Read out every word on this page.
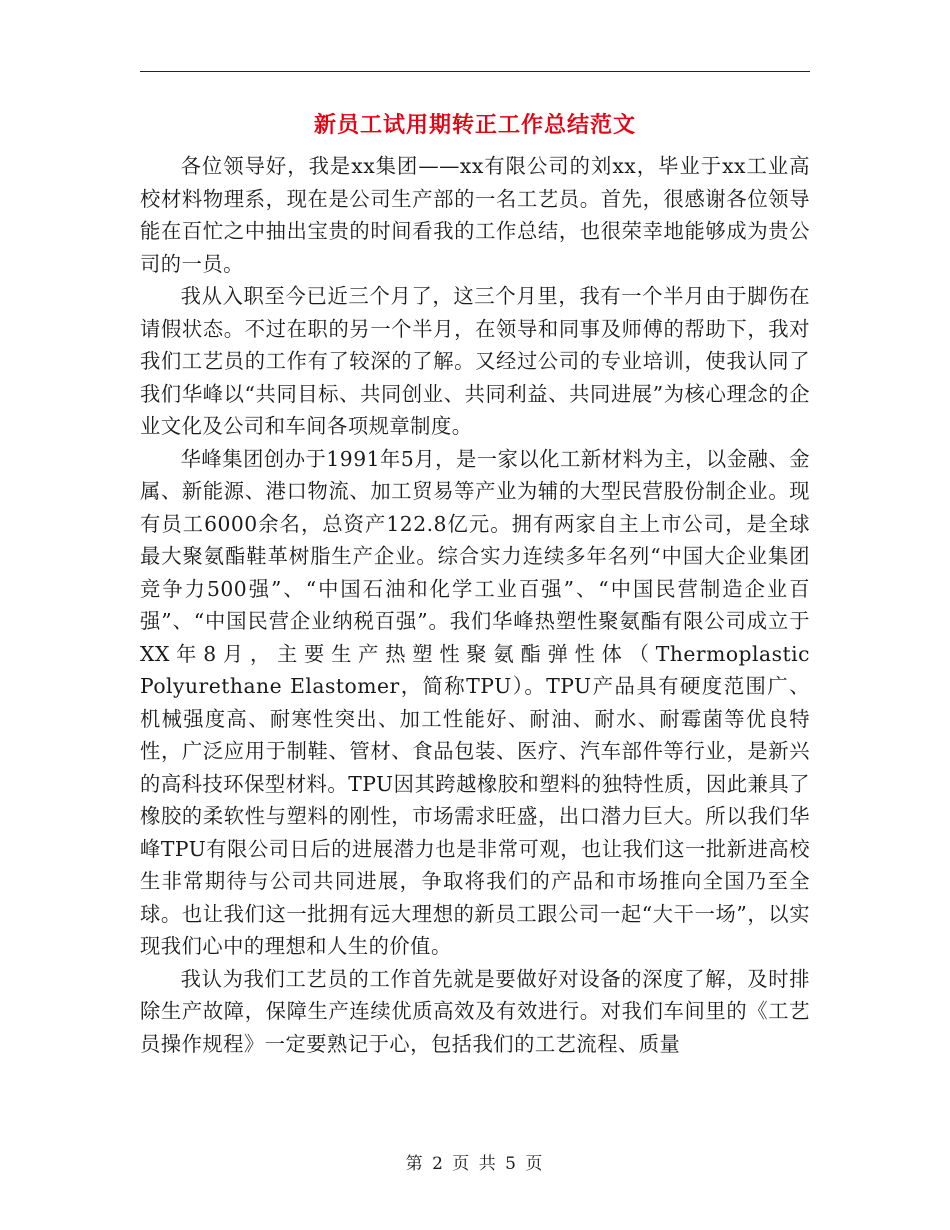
新员工试用期转正工作总结范文

各位领导好，我是xx集团——xx有限公司的刘xx，毕业于xx工业高校材料物理系，现在是公司生产部的一名工艺员。首先，很感谢各位领导能在百忙之中抽出宝贵的时间看我的工作总结，也很荣幸地能够成为贵公司的一员。

我从入职至今已近三个月了，这三个月里，我有一个半月由于脚伤在请假状态。不过在职的另一个半月，在领导和同事及师傅的帮助下，我对我们工艺员的工作有了较深的了解。又经过公司的专业培训，使我认同了我们华峰以“共同目标、共同创业、共同利益、共同进展”为核心理念的企业文化及公司和车间各项规章制度。

华峰集团创办于1991年5月，是一家以化工新材料为主，以金融、金属、新能源、港口物流、加工贸易等产业为辅的大型民营股份制企业。现有员工6000余名，总资产122.8亿元。拥有两家自主上市公司，是全球最大聚氨酯鞋革树脂生产企业。综合实力连续多年名列“中国大企业集团竞争力500强”、“中国石油和化学工业百强”、“中国民营制造企业百强”、“中国民营企业纳税百强”。我们华峰热塑性聚氨酯有限公司成立于XX年8月，主要生产热塑性聚氨酯弹性体（Thermoplastic Polyurethane Elastomer，简称TPU）。TPU产品具有硬度范围广、机械强度高、耐寒性突出、加工性能好、耐油、耐水、耐霉菌等优良特性，广泛应用于制鞋、管材、食品包装、医疗、汽车部件等行业，是新兴的高科技环保型材料。TPU因其跨越橡胶和塑料的独特性质，因此兼具了橡胶的柔软性与塑料的刚性，市场需求旺盛，出口潜力巨大。所以我们华峰TPU有限公司日后的进展潜力也是非常可观，也让我们这一批新进高校生非常期待与公司共同进展，争取将我们的产品和市场推向全国乃至全球。也让我们这一批拥有远大理想的新员工跟公司一起“大干一场”，以实现我们心中的理想和人生的价值。

我认为我们工艺员的工作首先就是要做好对设备的深度了解，及时排除生产故障，保障生产连续优质高效及有效进行。对我们车间里的《工艺员操作规程》一定要熟记于心，包括我们的工艺流程、质量

第 2 页 共 5 页
